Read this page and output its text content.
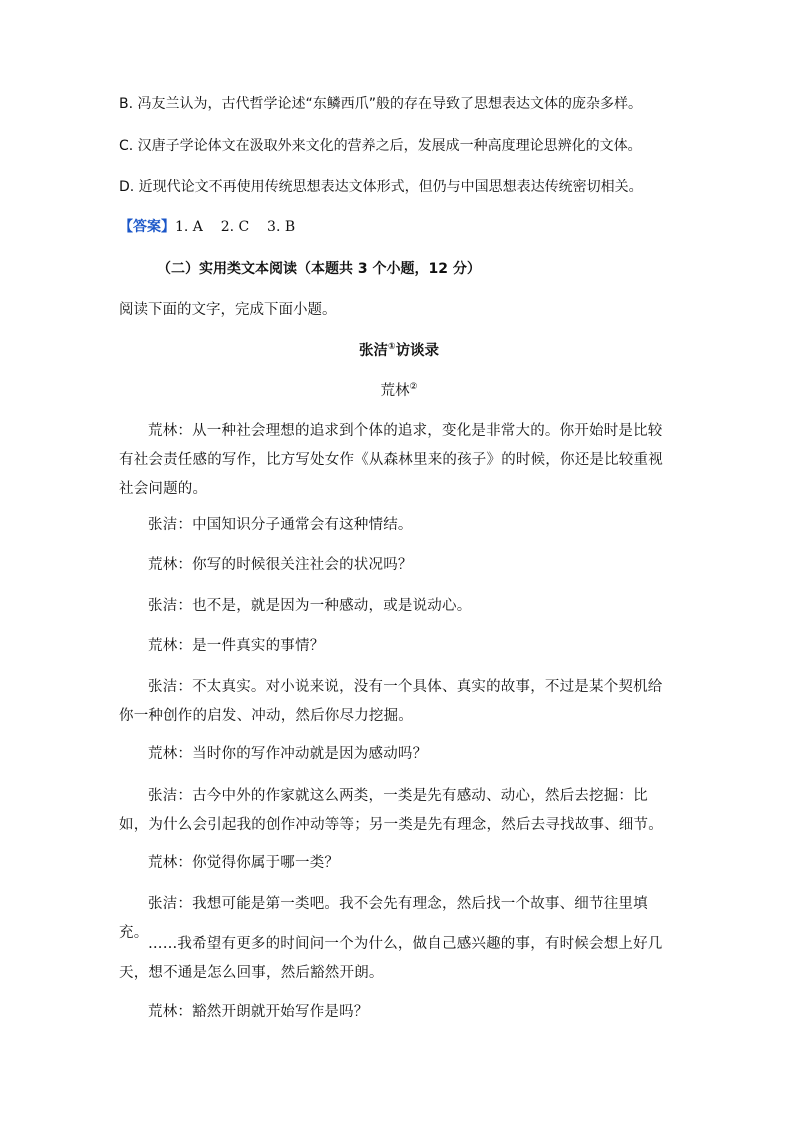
B. 冯友兰认为，古代哲学论述“东鳞西爪”般的存在导致了思想表达文体的庞杂多样。
C. 汉唐子学论体文在汲取外来文化的营养之后，发展成一种高度理论思辨化的文体。
D. 近现代论文不再使用传统思想表达文体形式，但仍与中国思想表达传统密切相关。
【答案】1. A    2. C    3. B
（二）实用类文本阅读（本题共 3 个小题，12 分）
阅读下面的文字，完成下面小题。
张洁①访谈录
荒林②
荒林：从一种社会理想的追求到个体的追求，变化是非常大的。你开始时是比较有社会责任感的写作，比方写处女作《从森林里来的孩子》的时候，你还是比较重视社会问题的。
张洁：中国知识分子通常会有这种情结。
荒林：你写的时候很关注社会的状况吗？
张洁：也不是，就是因为一种感动，或是说动心。
荒林：是一件真实的事情？
张洁：不太真实。对小说来说，没有一个具体、真实的故事，不过是某个契机给你一种创作的启发、冲动，然后你尽力挖掘。
荒林：当时你的写作冲动就是因为感动吗？
张洁：古今中外的作家就这么两类，一类是先有感动、动心，然后去挖掘：比如，为什么会引起我的创作冲动等等；另一类是先有理念，然后去寻找故事、细节。
荒林：你觉得你属于哪一类？
张洁：我想可能是第一类吧。我不会先有理念，然后找一个故事、细节往里填充。
……我希望有更多的时间问一个为什么，做自己感兴趣的事，有时候会想上好几天，想不通是怎么回事，然后豁然开朗。
荒林：豁然开朗就开始写作是吗？
